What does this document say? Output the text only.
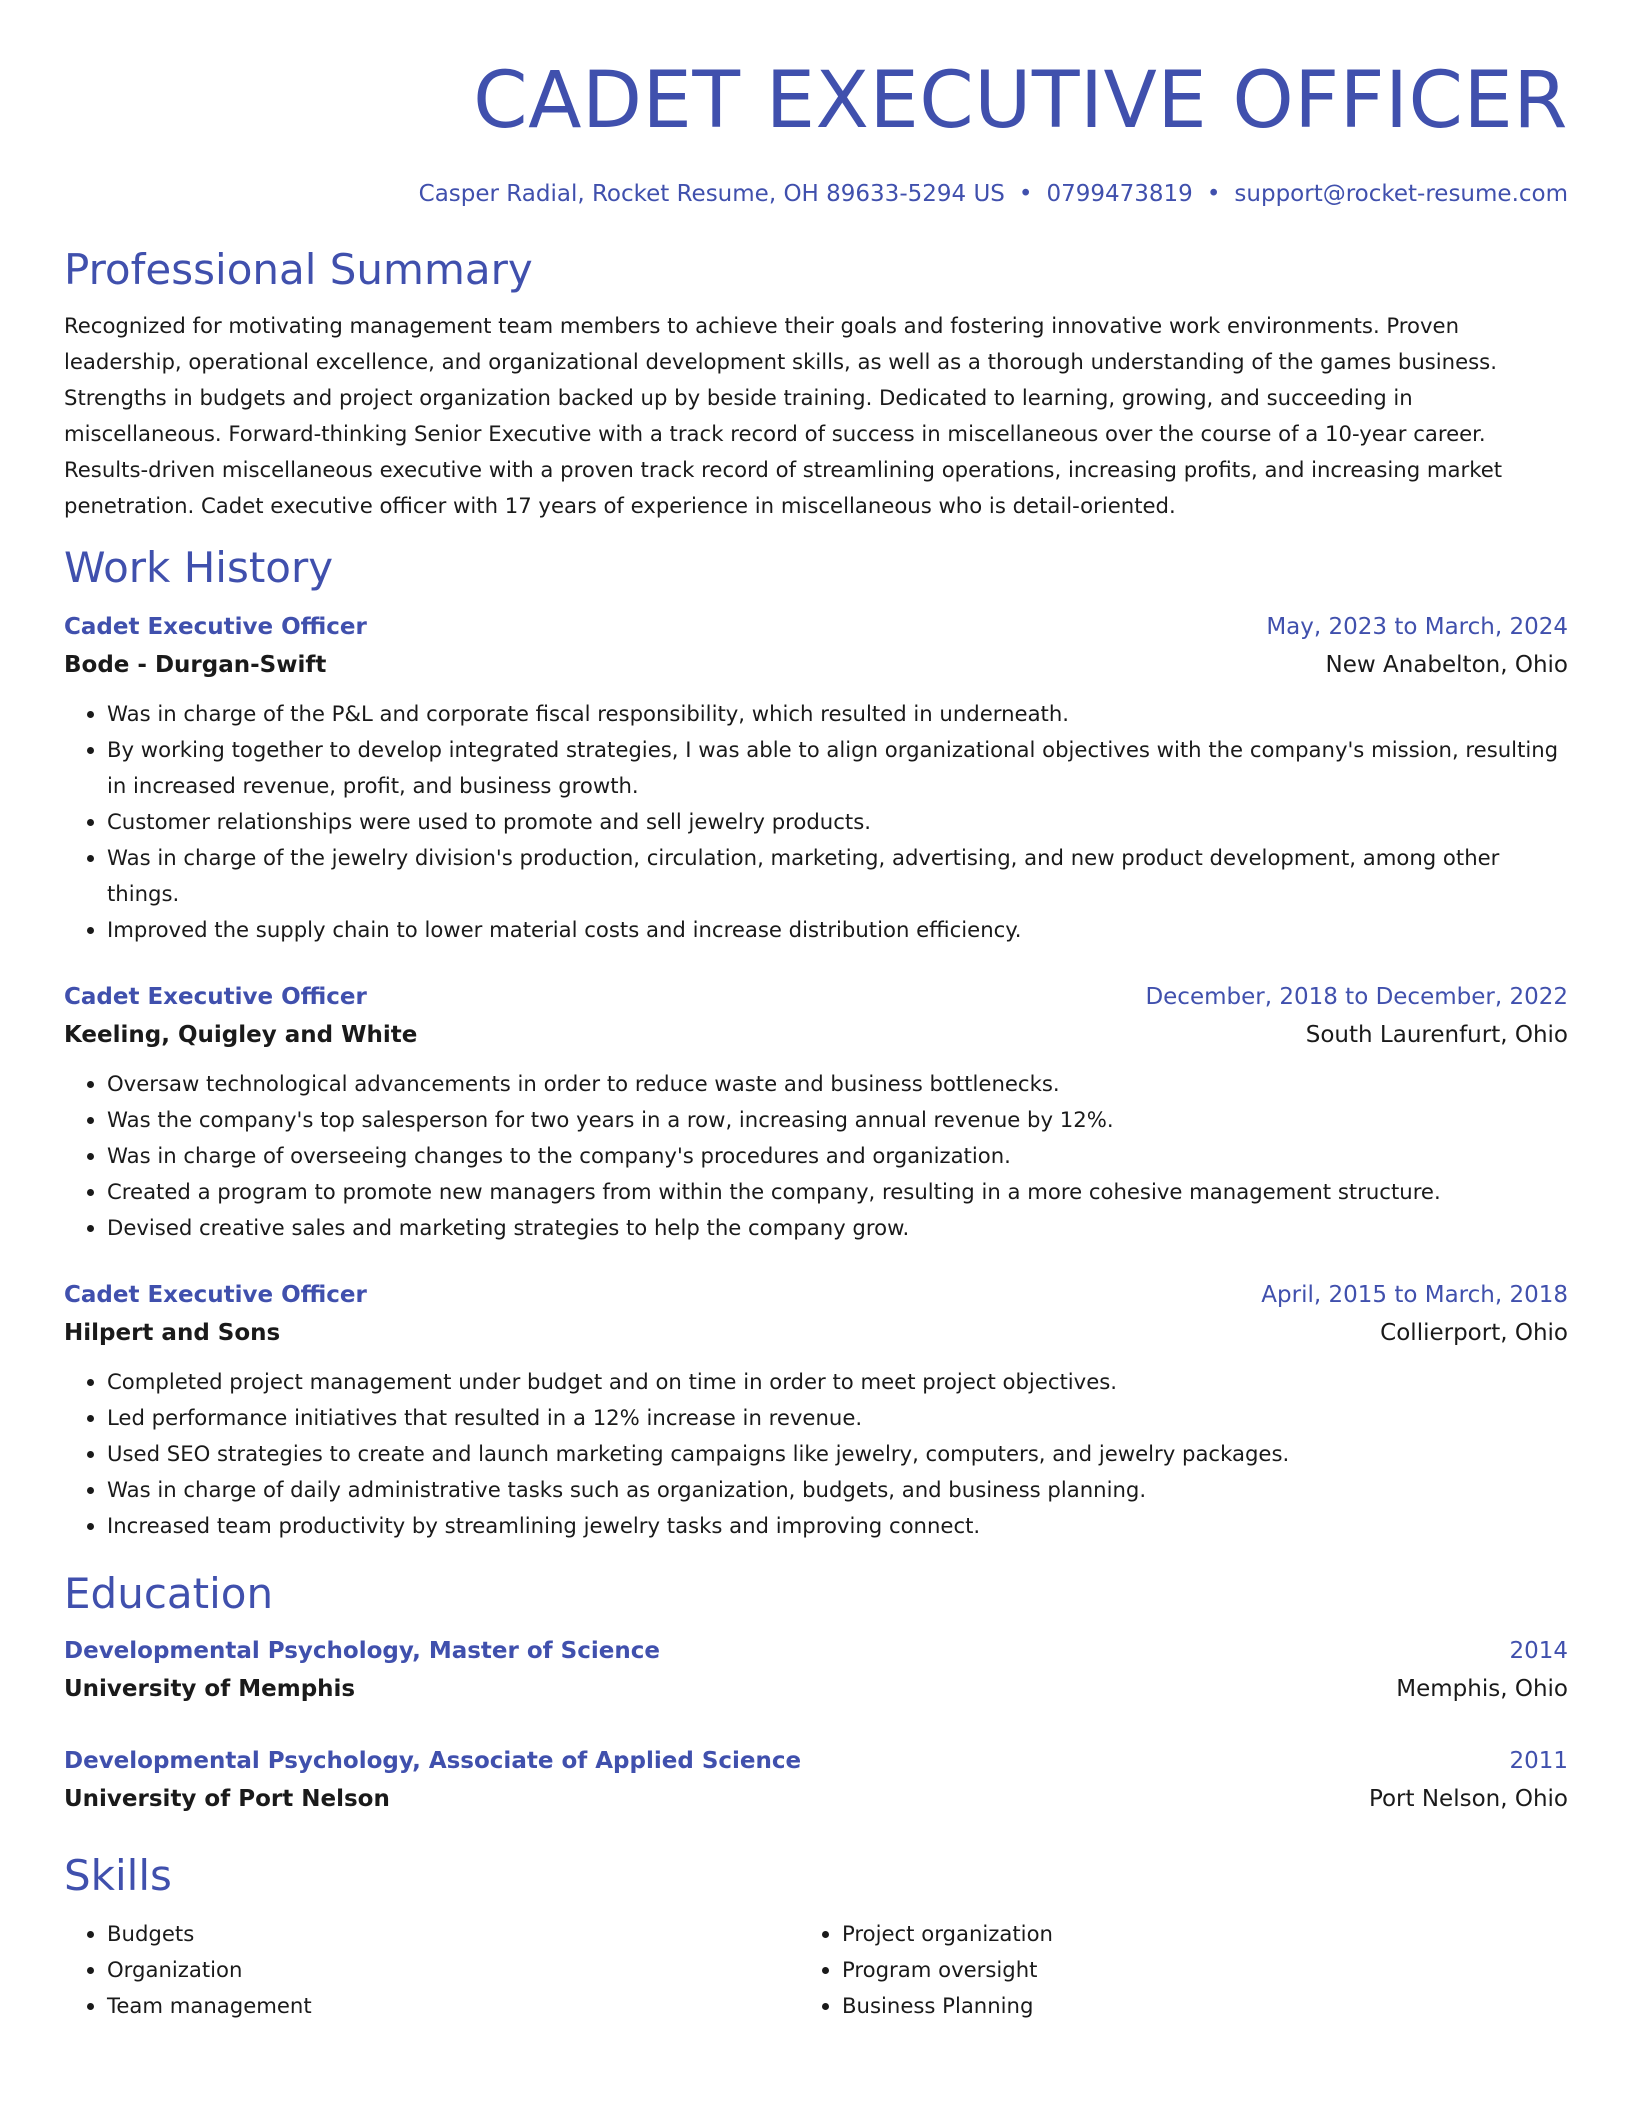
CADET EXECUTIVE OFFICER
Casper Radial, Rocket Resume, OH 89633-5294 US • 0799473819 • support@rocket-resume.com
Professional Summary
Recognized for motivating management team members to achieve their goals and fostering innovative work environments. Proven leadership, operational excellence, and organizational development skills, as well as a thorough understanding of the games business. Strengths in budgets and project organization backed up by beside training. Dedicated to learning, growing, and succeeding in miscellaneous. Forward-thinking Senior Executive with a track record of success in miscellaneous over the course of a 10-year career. Results-driven miscellaneous executive with a proven track record of streamlining operations, increasing profits, and increasing market penetration. Cadet executive officer with 17 years of experience in miscellaneous who is detail-oriented.
Work History
Cadet Executive Officer	May, 2023 to March, 2024
Bode - Durgan-Swift	New Anabelton, Ohio
• Was in charge of the P&L and corporate fiscal responsibility, which resulted in underneath.
• By working together to develop integrated strategies, I was able to align organizational objectives with the company's mission, resulting in increased revenue, profit, and business growth.
• Customer relationships were used to promote and sell jewelry products.
• Was in charge of the jewelry division's production, circulation, marketing, advertising, and new product development, among other things.
• Improved the supply chain to lower material costs and increase distribution efficiency.
Cadet Executive Officer	December, 2018 to December, 2022
Keeling, Quigley and White	South Laurenfurt, Ohio
• Oversaw technological advancements in order to reduce waste and business bottlenecks.
• Was the company's top salesperson for two years in a row, increasing annual revenue by 12%.
• Was in charge of overseeing changes to the company's procedures and organization.
• Created a program to promote new managers from within the company, resulting in a more cohesive management structure.
• Devised creative sales and marketing strategies to help the company grow.
Cadet Executive Officer	April, 2015 to March, 2018
Hilpert and Sons	Collierport, Ohio
• Completed project management under budget and on time in order to meet project objectives.
• Led performance initiatives that resulted in a 12% increase in revenue.
• Used SEO strategies to create and launch marketing campaigns like jewelry, computers, and jewelry packages.
• Was in charge of daily administrative tasks such as organization, budgets, and business planning.
• Increased team productivity by streamlining jewelry tasks and improving connect.
Education
Developmental Psychology, Master of Science	2014
University of Memphis	Memphis, Ohio
Developmental Psychology, Associate of Applied Science	2011
University of Port Nelson	Port Nelson, Ohio
Skills
• Budgets
• Organization
• Team management
• Project organization
• Program oversight
• Business Planning
